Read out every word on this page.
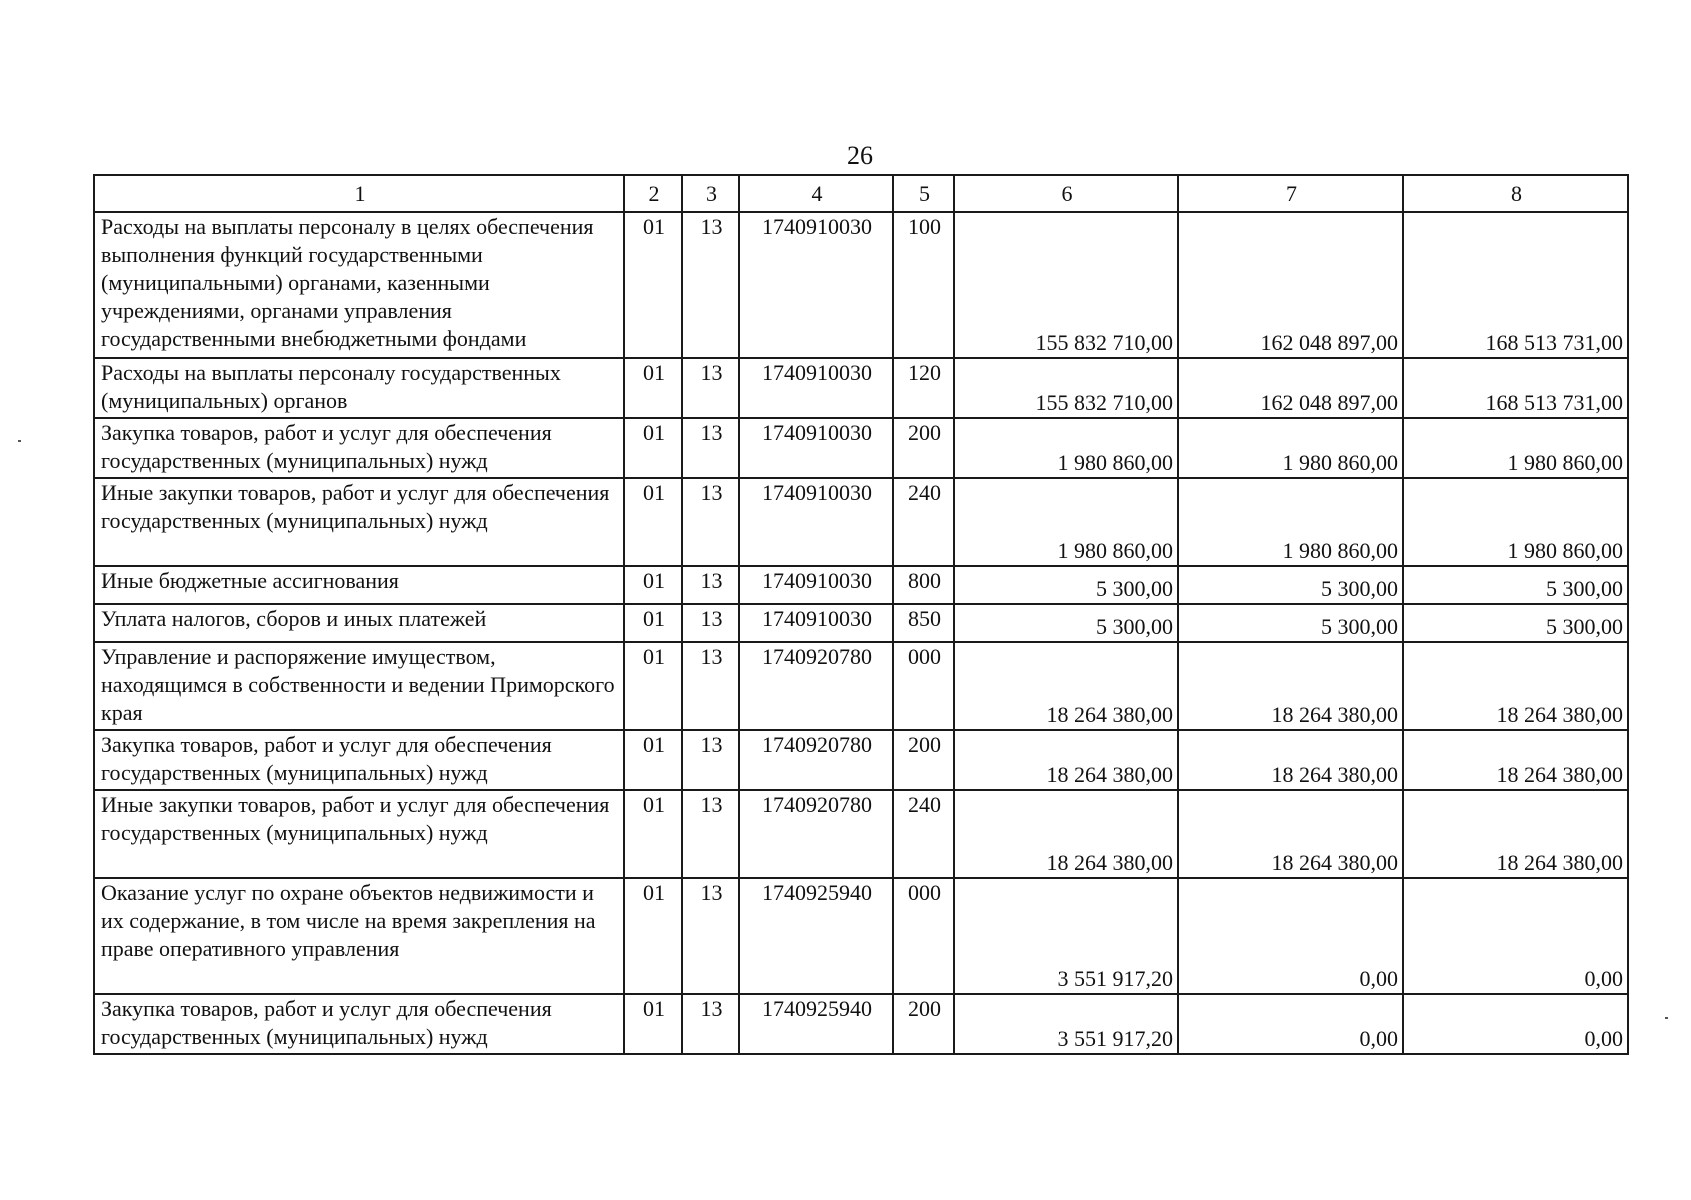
26
1	2	3	4	5	6	7	8
Расходы на выплаты персоналу в целях обеспечения выполнения функций государственными (муниципальными) органами, казенными учреждениями, органами управления государственными внебюджетными фондами	01	13	1740910030	100	155 832 710,00	162 048 897,00	168 513 731,00
Расходы на выплаты персоналу государственных (муниципальных) органов	01	13	1740910030	120	155 832 710,00	162 048 897,00	168 513 731,00
Закупка товаров, работ и услуг для обеспечения государственных (муниципальных) нужд	01	13	1740910030	200	1 980 860,00	1 980 860,00	1 980 860,00
Иные закупки товаров, работ и услуг для обеспечения государственных (муниципальных) нужд	01	13	1740910030	240	1 980 860,00	1 980 860,00	1 980 860,00
Иные бюджетные ассигнования	01	13	1740910030	800	5 300,00	5 300,00	5 300,00
Уплата налогов, сборов и иных платежей	01	13	1740910030	850	5 300,00	5 300,00	5 300,00
Управление и распоряжение имуществом, находящимся в собственности и ведении Приморского края	01	13	1740920780	000	18 264 380,00	18 264 380,00	18 264 380,00
Закупка товаров, работ и услуг для обеспечения государственных (муниципальных) нужд	01	13	1740920780	200	18 264 380,00	18 264 380,00	18 264 380,00
Иные закупки товаров, работ и услуг для обеспечения государственных (муниципальных) нужд	01	13	1740920780	240	18 264 380,00	18 264 380,00	18 264 380,00
Оказание услуг по охране объектов недвижимости и их содержание, в том числе на время закрепления на праве оперативного управления	01	13	1740925940	000	3 551 917,20	0,00	0,00
Закупка товаров, работ и услуг для обеспечения государственных (муниципальных) нужд	01	13	1740925940	200	3 551 917,20	0,00	0,00
